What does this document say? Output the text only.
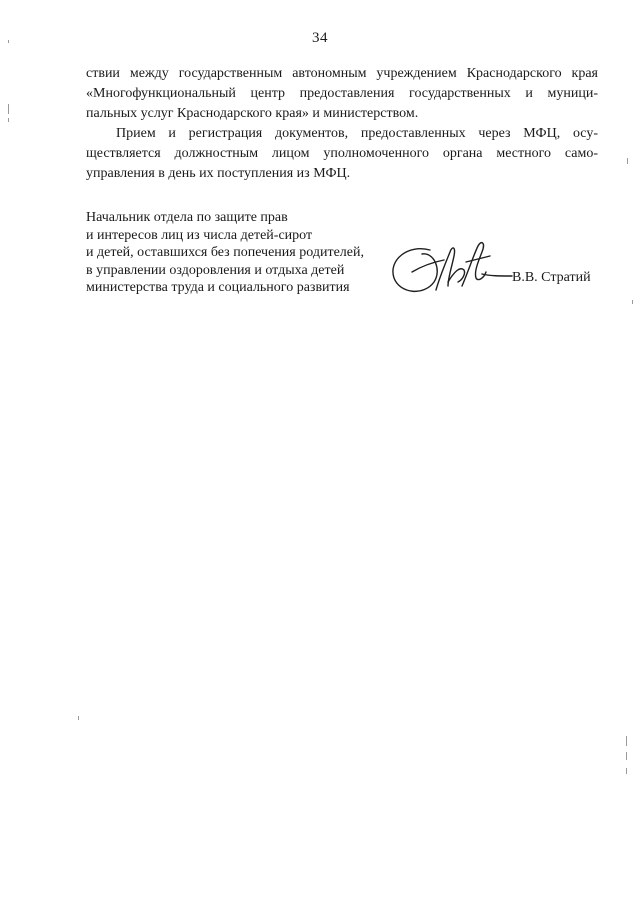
34
ствии между государственным автономным учреждением Краснодарского края
«Многофункциональный центр предоставления государственных и муници-
пальных услуг Краснодарского края» и министерством.
Прием и регистрация документов, предоставленных через МФЦ, осу-
ществляется должностным лицом уполномоченного органа местного само-
управления в день их поступления из МФЦ.
Начальник отдела по защите прав
и интересов лиц из числа детей-сирот
и детей, оставшихся без попечения родителей,
в управлении оздоровления и отдыха детей
министерства труда и социального развития
В.В. Стратий
